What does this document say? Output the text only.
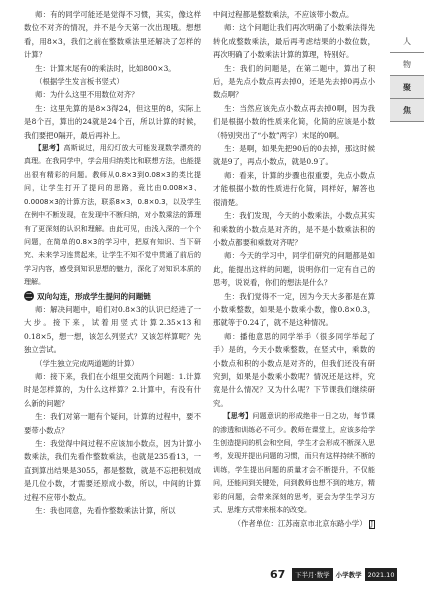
师：有的同学可能还是觉得不习惯，其实，像这样数位不对齐的情况，并不是今天第一次出现哦。想想看，用8×3，我们之前在整数乘法里还解决了怎样的计算？

生：计算末尾有0的乘法时，比如800×3。

（根据学生发言板书竖式）

师：为什么这里不用数位对齐？

生：这里先算的是8×3得24，但这里的8，实际上是8个百，算出的24就是24个百，所以计算的时候，我们要把0隔开，最后再补上。

【思考】高斯说过，用幻灯放大可能发现数学漂亮的真理。在我同学中，学会用归纳类比和联想方法，也能提出很有精彩的问题。教师从0.8×3到0.08×3的类比提问，让学生打开了提问的思路，竟比由0.008×3、0.0008×3的计算方法，联系8×3，0.8×0.3，以及学生在例中不断发现，在发现中不断归纳，对小数乘法的算理有了更深刻的认识和理解。由此可见，由浅入深的一个个问题，在简单的0.8×3的学习中，把原有知识、当下研究、未来学习连贯起来，让学生不知不觉中贯通了前后的学习内容，感受到知识思想的魅力，深化了对知识本质的理解。

二 双向勾连，形成学生提问的问题链

师：解决问题中，咱们对0.8×3的认识已经进了一大步。接下来，试着用竖式计算2.35×13和0.18×5，想一想，该怎么列竖式？又该怎样算呢？先独立尝试。

（学生独立完成两道题的计算）

师：接下来，我们在小组里交流两个问题：1.计算时是怎样算的，为什么这样算？2.计算中，有没有什么新的问题？

生：我们对第一题有个疑问，计算的过程中，要不要带小数点？

生：我觉得中间过程不应该加小数点，因为计算小数乘法，我们先看作整数乘法，也就是235看13，一直到算出结果是3055，都是整数，就是不忘把积划成是几位小数，才需要还原成小数，所以，中间的计算过程不应带小数点。

生：我也同意，先看作整数乘法计算，所以

中间过程都是整数乘法，不应该带小数点。

师：这个问题让我们再次明确了小数乘法得先转化成整数乘法，最后再考虑结果的小数位数，再次明确了小数乘法计算的算理，特别好。

生：我们的问题是，在第二题中，算出了积后，是先点小数点再去掉0，还是先去掉0再点小数点啊？

生：当然应该先点小数点再去掉0啊，因为我们是根据小数的性质来化简，化简的应该是小数（特别突出了“小数”两字）末尾的0啊。

生：是啊，如果先把90后的0去掉，那这时候就是9了，再点小数点，就是0.9了。

师：看来，计算的步骤也很重要，先点小数点才能根据小数的性质进行化简，同样好，解答也很清楚。

生：我们发现，今天的小数乘法，小数点其实和乘数的小数点是对齐的，是不是小数乘法积的小数点都要和乘数对齐呢？

师：今天的学习中，同学们研究的问题都是如此，能提出这样的问题，说明你们一定有自己的思考，说说看，你们的想法是什么？

生：我们觉得不一定，因为今天大多都是在算小数乘整数，如果是小数乘小数，像0.8×0.3，那就等于0.24了，就不是这种情况。

师：播他意思的同学举手（很多同学举起了手）是的，今天小数乘整数，在竖式中，乘数的小数点和积的小数点是对齐的，但我们还没有研究到，如果是小数乘小数呢？情况还是这样，究竟是什么情况？又为什么呢？下节课我们继续研究。

【思考】问题意识的形成绝非一日之功，每节课的渗透和训练必不可少。教师在课堂上，应该多给学生创造提问的机会和空间，学生才会形成不断深入思考，发现并提出问题的习惯，而只有这样持续不断的训练，学生提出问题的质量才会不断提升，不仅能问，还能问到关键处，问到教师也想不到的地方，精彩的问题，会带来深刻的思考，更会为学生学习方式、思维方式带来根本的改变。

（作者单位：江苏南京市北京东路小学） J

人
物
聚
焦
67	下半月·数学 小学教学 2021.10
